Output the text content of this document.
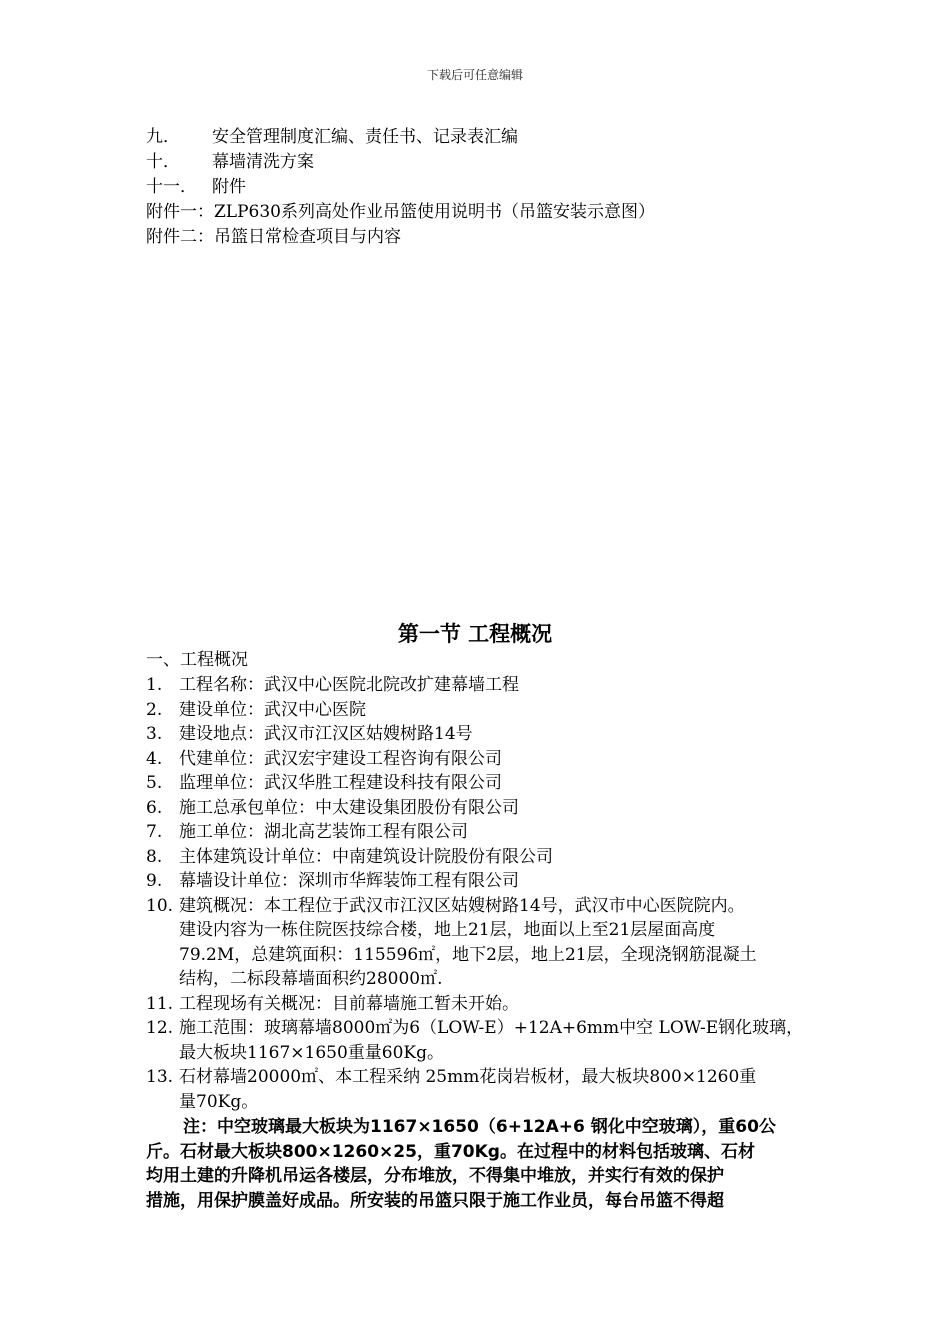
下载后可任意编辑
九． 安全管理制度汇编、责任书、记录表汇编
十． 幕墙清洗方案
十一． 附件
附件一：ZLP630系列高处作业吊篮使用说明书（吊篮安装示意图）
附件二：吊篮日常检查项目与内容
第一节 工程概况
一、工程概况
1. 工程名称：武汉中心医院北院改扩建幕墙工程
2. 建设单位：武汉中心医院
3. 建设地点：武汉市江汉区姑嫂树路14号
4. 代建单位：武汉宏宇建设工程咨询有限公司
5. 监理单位：武汉华胜工程建设科技有限公司
6. 施工总承包单位：中太建设集团股份有限公司
7. 施工单位：湖北高艺装饰工程有限公司
8. 主体建筑设计单位：中南建筑设计院股份有限公司
9. 幕墙设计单位：深圳市华辉装饰工程有限公司
10. 建筑概况：本工程位于武汉市江汉区姑嫂树路14号，武汉市中心医院院内。
建设内容为一栋住院医技综合楼，地上21层，地面以上至21层屋面高度
79.2M，总建筑面积：115596㎡，地下2层，地上21层，全现浇钢筋混凝土
结构，二标段幕墙面积约28000㎡.
11. 工程现场有关概况：目前幕墙施工暂未开始。
12. 施工范围：玻璃幕墙8000㎡为6（LOW-E）+12A+6mm中空 LOW-E钢化玻璃，
最大板块1167×1650重量60Kg。
13. 石材幕墙20000㎡、本工程采纳 25mm花岗岩板材，最大板块800×1260重
量70Kg。
注：中空玻璃最大板块为1167×1650（6+12A+6 钢化中空玻璃），重60公
斤。石材最大板块800×1260×25，重70Kg。在过程中的材料包括玻璃、石材
均用土建的升降机吊运各楼层，分布堆放，不得集中堆放，并实行有效的保护
措施，用保护膜盖好成品。所安装的吊篮只限于施工作业员，每台吊篮不得超
